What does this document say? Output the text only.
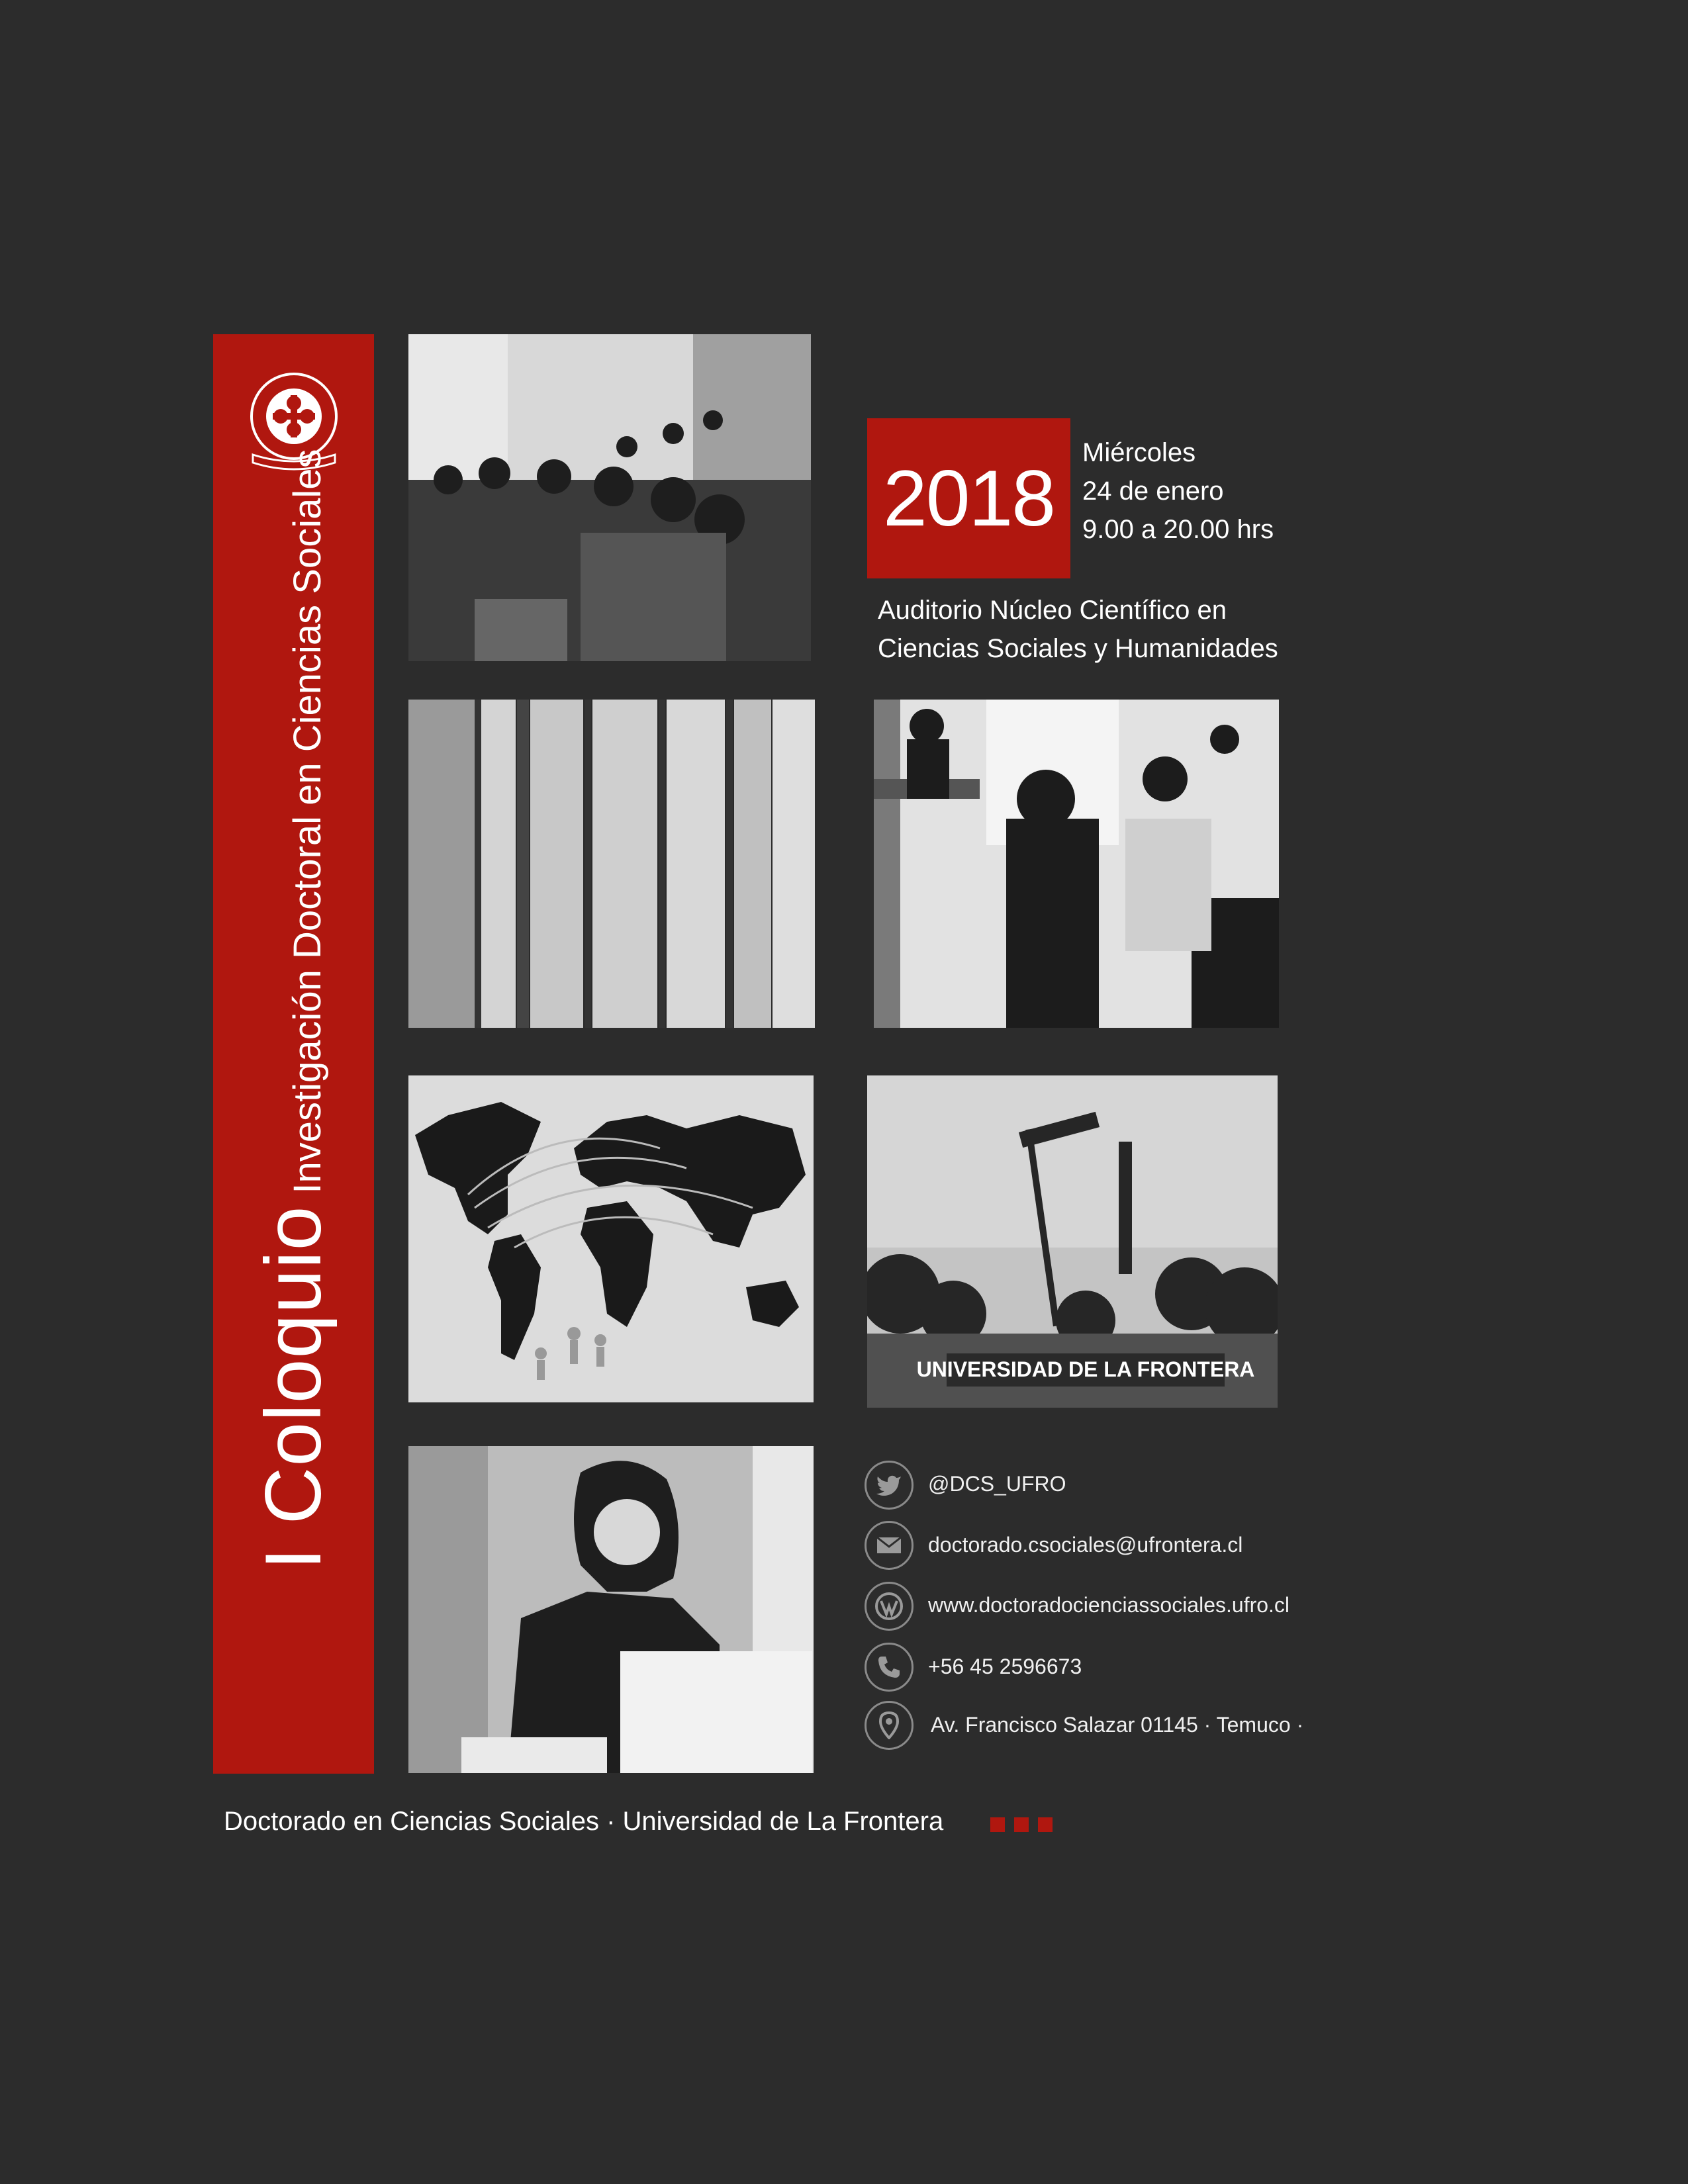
I ColoquioInvestigación Doctoral en Ciencias Sociales
UNIVERSIDAD DE LA FRONTERA
2018
Miércoles
24 de enero
9.00 a 20.00 hrs
Auditorio Núcleo Científico en
Ciencias Sociales y Humanidades
@DCS_UFRO
doctorado.csociales@ufrontera.cl
www.doctoradocienciassociales.ufro.cl
+56 45 2596673
Av. Francisco Salazar 01145 · Temuco ·
Doctorado en Ciencias Sociales · Universidad de La Frontera
